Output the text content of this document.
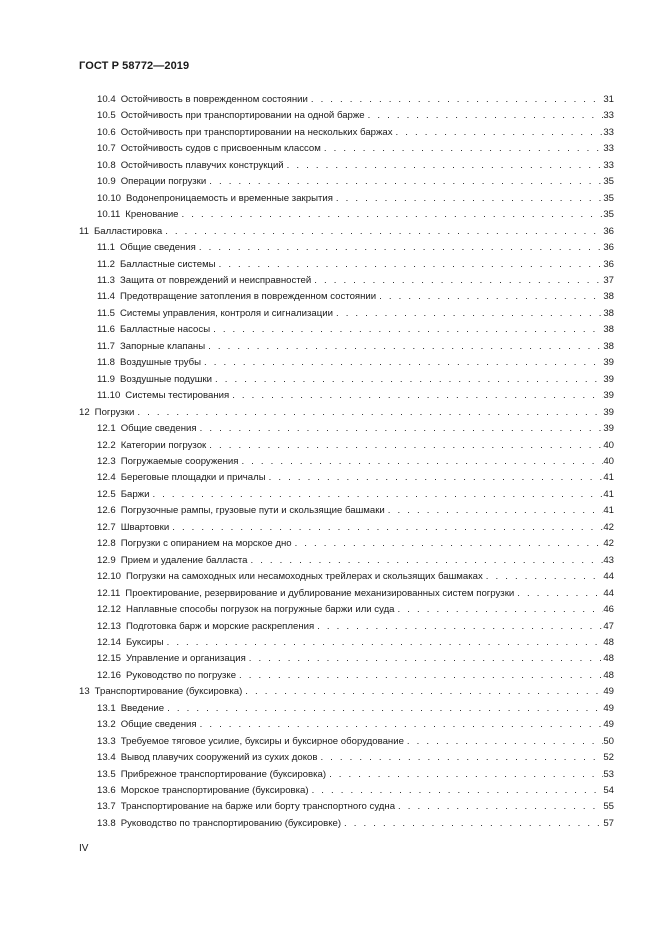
ГОСТ Р 58772—2019
10.4 Остойчивость в поврежденном состоянии . . .	31
10.5 Остойчивость при транспортировании на одной барже . . .	33
10.6 Остойчивость при транспортировании на нескольких баржах . . .	33
10.7 Остойчивость судов с присвоенным классом . . .	33
10.8 Остойчивость плавучих конструкций . . .	33
10.9 Операции погрузки . . .	35
10.10 Водонепроницаемость и временные закрытия . . .	35
10.11 Кренование . . .	35
11 Балластировка . . .	36
11.1 Общие сведения . . .	36
11.2 Балластные системы . . .	36
11.3 Защита от повреждений и неисправностей . . .	37
11.4 Предотвращение затопления в поврежденном состоянии . . .	38
11.5 Системы управления, контроля и сигнализации . . .	38
11.6 Балластные насосы . . .	38
11.7 Запорные клапаны . . .	38
11.8 Воздушные трубы . . .	39
11.9 Воздушные подушки . . .	39
11.10 Системы тестирования . . .	39
12 Погрузки . . .	39
12.1 Общие сведения . . .	39
12.2 Категории погрузок . . .	40
12.3 Погружаемые сооружения . . .	40
12.4 Береговые площадки и причалы . . .	41
12.5 Баржи . . .	41
12.6 Погрузочные рампы, грузовые пути и скользящие башмаки . . .	41
12.7 Швартовки . . .	42
12.8 Погрузки с опиранием на морское дно . . .	42
12.9 Прием и удаление балласта . . .	43
12.10 Погрузки на самоходных или несамоходных трейлерах и скользящих башмаках . . .	44
12.11 Проектирование, резервирование и дублирование механизированных систем погрузки . . .	44
12.12 Наплавные способы погрузок на погружные баржи или суда . . .	46
12.13 Подготовка барж и морские раскрепления . . .	47
12.14 Буксиры . . .	48
12.15 Управление и организация . . .	48
12.16 Руководство по погрузке . . .	48
13 Транспортирование (буксировка) . . .	49
13.1 Введение . . .	49
13.2 Общие сведения . . .	49
13.3 Требуемое тяговое усилие, буксиры и буксирное оборудование . . .	50
13.4 Вывод плавучих сооружений из сухих доков . . .	52
13.5 Прибрежное транспортирование (буксировка) . . .	53
13.6 Морское транспортирование (буксировка) . . .	54
13.7 Транспортирование на барже или борту транспортного судна . . .	55
13.8 Руководство по транспортированию (буксировке) . . .	57
IV
